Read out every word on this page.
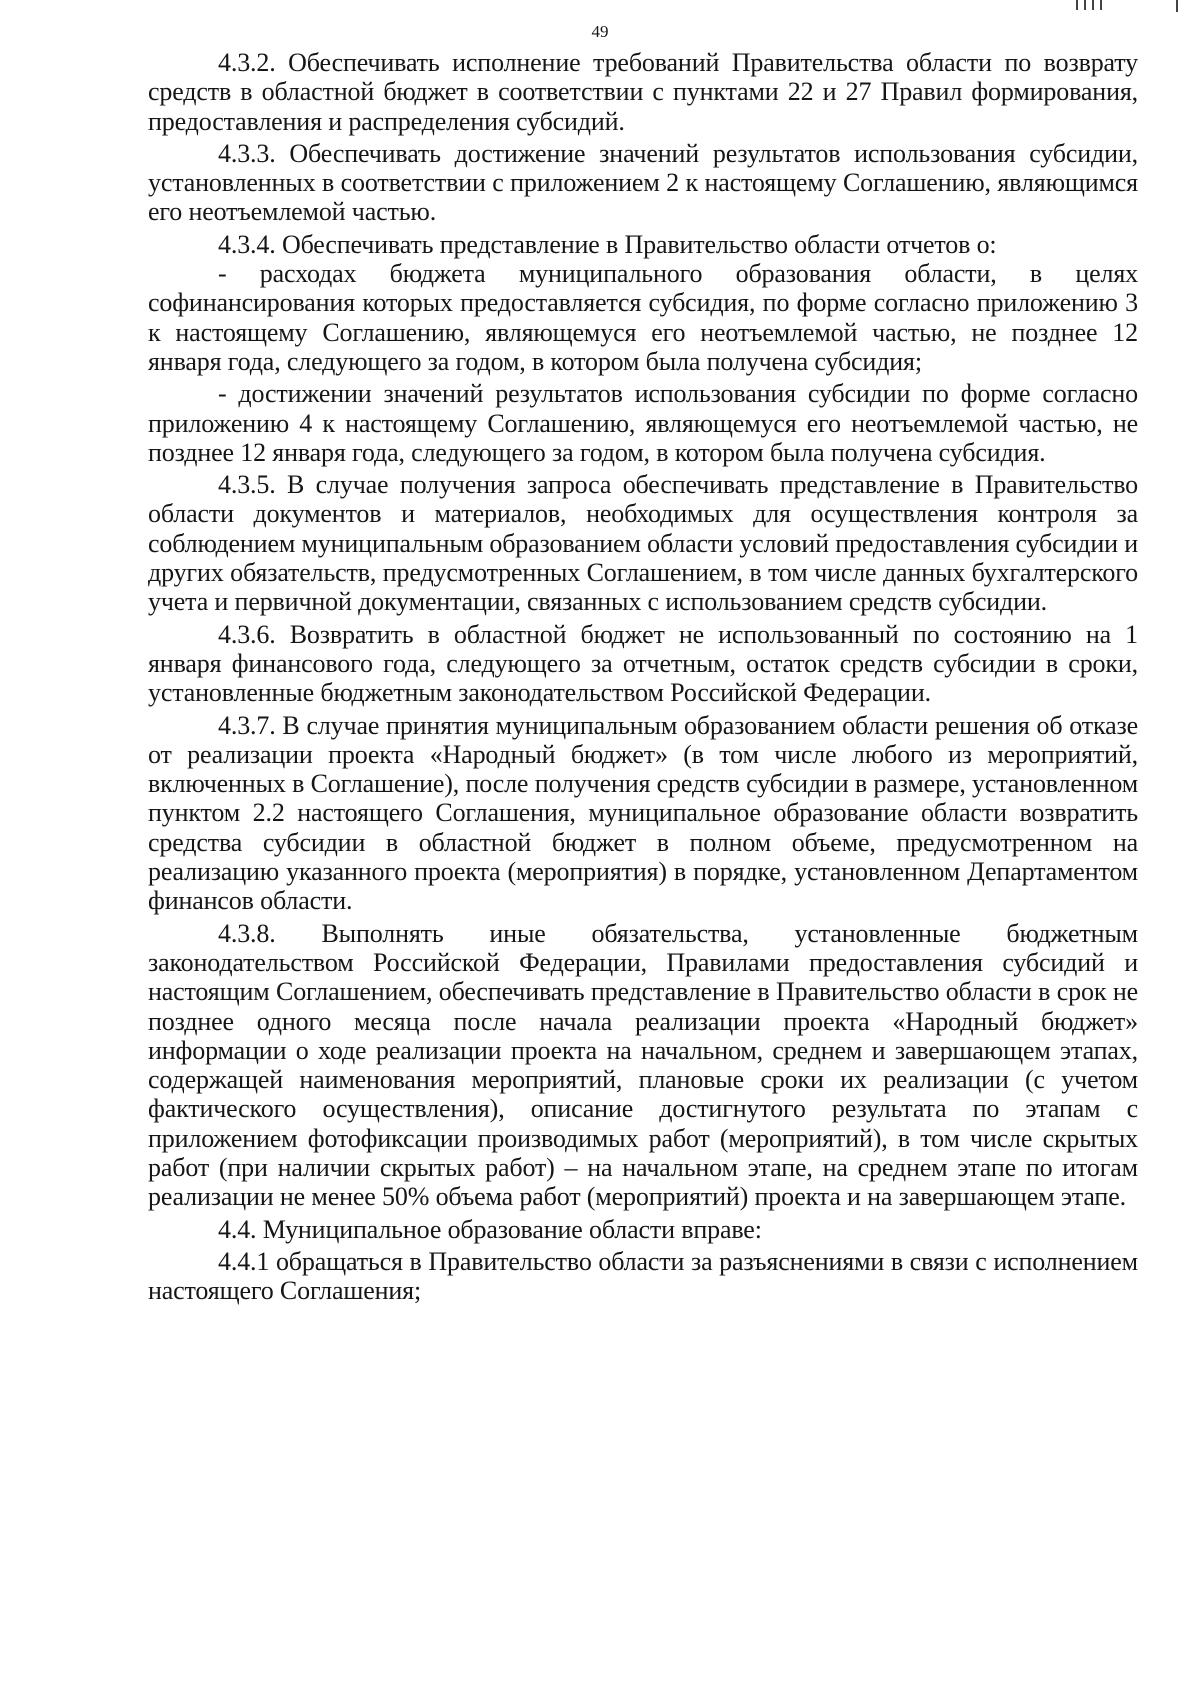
49

4.3.2. Обеспечивать исполнение требований Правительства области по возврату средств в областной бюджет в соответствии с пунктами 22 и 27 Правил формирования, предоставления и распределения субсидий.

4.3.3. Обеспечивать достижение значений результатов использования субсидии, установленных в соответствии с приложением 2 к настоящему Соглашению, являющимся его неотъемлемой частью.

4.3.4. Обеспечивать представление в Правительство области отчетов о:

- расходах бюджета муниципального образования области, в целях софинансирования которых предоставляется субсидия, по форме согласно приложению 3 к настоящему Соглашению, являющемуся его неотъемлемой частью, не позднее 12 января года, следующего за годом, в котором была получена субсидия;

- достижении значений результатов использования субсидии по форме согласно приложению 4 к настоящему Соглашению, являющемуся его неотъемлемой частью, не позднее 12 января года, следующего за годом, в котором была получена субсидия.

4.3.5. В случае получения запроса обеспечивать представление в Правительство области документов и материалов, необходимых для осуществления контроля за соблюдением муниципальным образованием области условий предоставления субсидии и других обязательств, предусмотренных Соглашением, в том числе данных бухгалтерского учета и первичной документации, связанных с использованием средств субсидии.

4.3.6. Возвратить в областной бюджет не использованный по состоянию на 1 января финансового года, следующего за отчетным, остаток средств субсидии в сроки, установленные бюджетным законодательством Российской Федерации.

4.3.7. В случае принятия муниципальным образованием области решения об отказе от реализации проекта «Народный бюджет» (в том числе любого из мероприятий, включенных в Соглашение), после получения средств субсидии в размере, установленном пунктом 2.2 настоящего Соглашения, муниципальное образование области возвратить средства субсидии в областной бюджет в полном объеме, предусмотренном на реализацию указанного проекта (мероприятия) в порядке, установленном Департаментом финансов области.

4.3.8. Выполнять иные обязательства, установленные бюджетным законодательством Российской Федерации, Правилами предоставления субсидий и настоящим Соглашением, обеспечивать представление в Правительство области в срок не позднее одного месяца после начала реализации проекта «Народный бюджет» информации о ходе реализации проекта на начальном, среднем и завершающем этапах, содержащей наименования мероприятий, плановые сроки их реализации (с учетом фактического осуществления), описание достигнутого результата по этапам с приложением фотофиксации производимых работ (мероприятий), в том числе скрытых работ (при наличии скрытых работ) – на начальном этапе, на среднем этапе по итогам реализации не менее 50% объема работ (мероприятий) проекта и на завершающем этапе.

4.4. Муниципальное образование области вправе:

4.4.1 обращаться в Правительство области за разъяснениями в связи с исполнением настоящего Соглашения;
